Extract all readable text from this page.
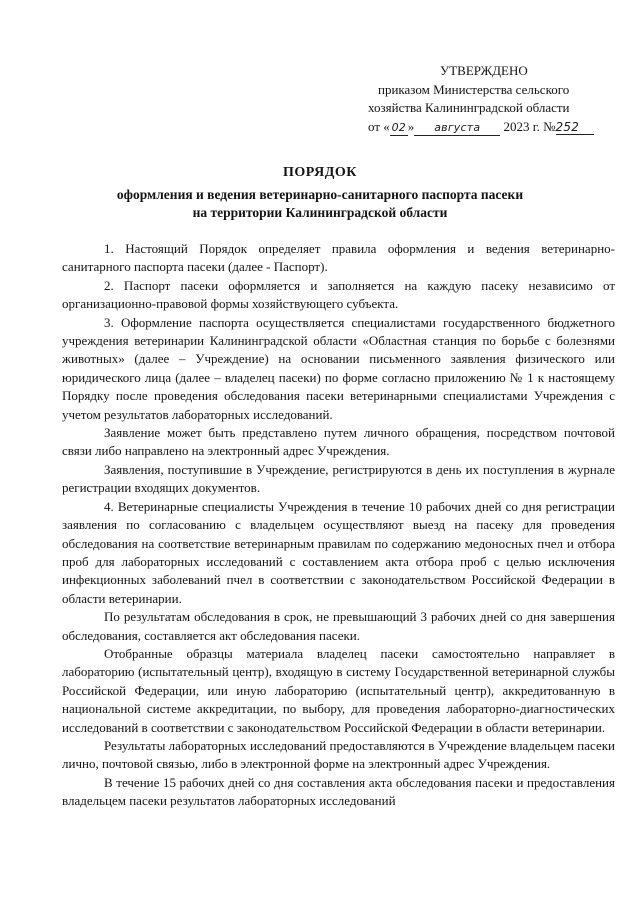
УТВЕРЖДЕНО
приказом Министерства сельского
хозяйства Калининградской области
от « 02 » августа 2023 г. №252
ПОРЯДОК
оформления и ведения ветеринарно-санитарного паспорта пасеки
на территории Калининградской области

1. Настоящий Порядок определяет правила оформления и ведения ветеринарно-санитарного паспорта пасеки (далее - Паспорт).

2. Паспорт пасеки оформляется и заполняется на каждую пасеку независимо от организационно-правовой формы хозяйствующего субъекта.

3. Оформление паспорта осуществляется специалистами государственного бюджетного учреждения ветеринарии Калининградской области «Областная станция по борьбе с болезнями животных» (далее – Учреждение) на основании письменного заявления физического или юридического лица (далее – владелец пасеки) по форме согласно приложению № 1 к настоящему Порядку после проведения обследования пасеки ветеринарными специалистами Учреждения с учетом результатов лабораторных исследований.

Заявление может быть представлено путем личного обращения, посредством почтовой связи либо направлено на электронный адрес Учреждения.

Заявления, поступившие в Учреждение, регистрируются в день их поступления в журнале регистрации входящих документов.

4. Ветеринарные специалисты Учреждения в течение 10 рабочих дней со дня регистрации заявления по согласованию с владельцем осуществляют выезд на пасеку для проведения обследования на соответствие ветеринарным правилам по содержанию медоносных пчел и отбора проб для лабораторных исследований с составлением акта отбора проб с целью исключения инфекционных заболеваний пчел в соответствии с законодательством Российской Федерации в области ветеринарии.

По результатам обследования в срок, не превышающий 3 рабочих дней со дня завершения обследования, составляется акт обследования пасеки.

Отобранные образцы материала владелец пасеки самостоятельно направляет в лабораторию (испытательный центр), входящую в систему Государственной ветеринарной службы Российской Федерации, или иную лабораторию (испытательный центр), аккредитованную в национальной системе аккредитации, по выбору, для проведения лабораторно-диагностических исследований в соответствии с законодательством Российской Федерации в области ветеринарии.

Результаты лабораторных исследований предоставляются в Учреждение владельцем пасеки лично, почтовой связью, либо в электронной форме на электронный адрес Учреждения.

В течение 15 рабочих дней со дня составления акта обследования пасеки и предоставления владельцем пасеки результатов лабораторных исследований
